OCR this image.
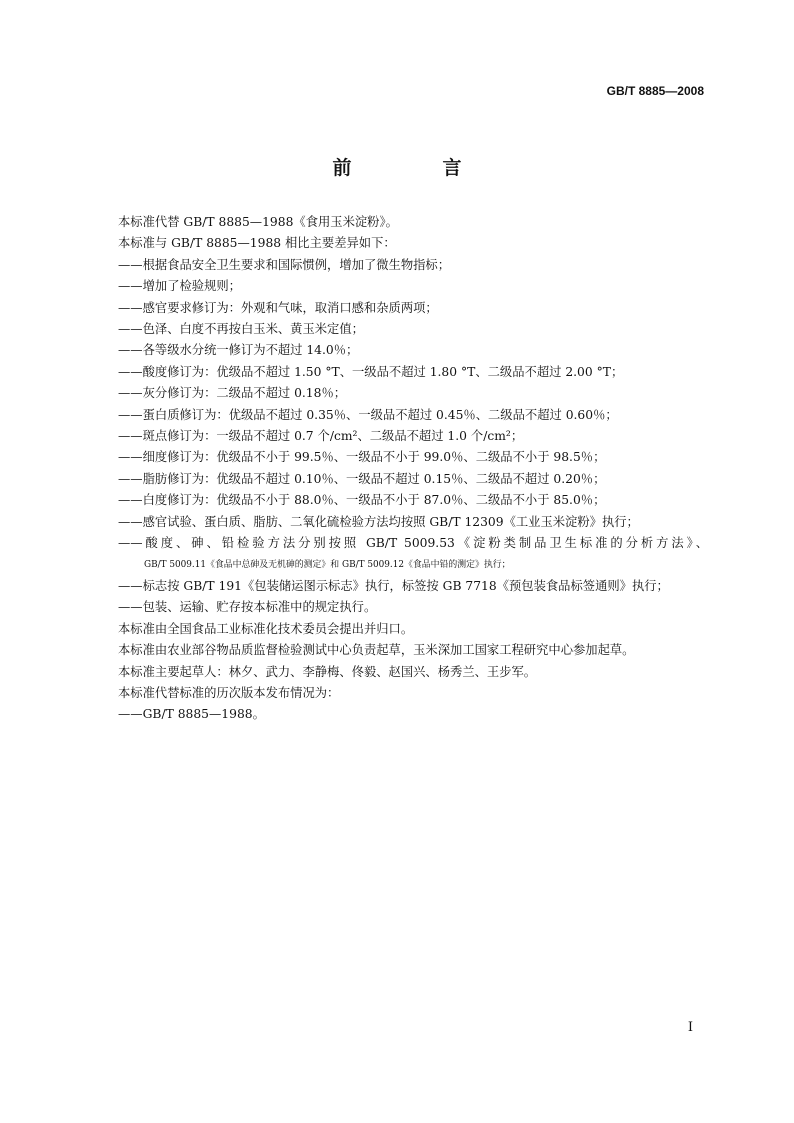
GB/T 8885—2008
前　言
本标准代替 GB/T 8885—1988《食用玉米淀粉》。
本标准与 GB/T 8885—1988 相比主要差异如下：
——根据食品安全卫生要求和国际惯例，增加了微生物指标；
——增加了检验规则；
——感官要求修订为：外观和气味，取消口感和杂质两项；
——色泽、白度不再按白玉米、黄玉米定值；
——各等级水分统一修订为不超过 14.0％；
——酸度修订为：优级品不超过 1.50 °T、一级品不超过 1.80 °T、二级品不超过 2.00 °T；
——灰分修订为：二级品不超过 0.18％；
——蛋白质修订为：优级品不超过 0.35％、一级品不超过 0.45％、二级品不超过 0.60％；
——斑点修订为：一级品不超过 0.7 个/cm²、二级品不超过 1.0 个/cm²；
——细度修订为：优级品不小于 99.5％、一级品不小于 99.0％、二级品不小于 98.5％；
——脂肪修订为：优级品不超过 0.10％、一级品不超过 0.15％、二级品不超过 0.20％；
——白度修订为：优级品不小于 88.0％、一级品不小于 87.0％、二级品不小于 85.0％；
——感官试验、蛋白质、脂肪、二氧化硫检验方法均按照 GB/T 12309《工业玉米淀粉》执行；
——酸度、砷、铅检验方法分别按照 GB/T 5009.53《淀粉类制品卫生标准的分析方法》、
GB/T 5009.11《食品中总砷及无机砷的测定》和 GB/T 5009.12《食品中铅的测定》执行；
——标志按 GB/T 191《包装储运图示标志》执行，标签按 GB 7718《预包装食品标签通则》执行；
——包装、运输、贮存按本标准中的规定执行。
本标准由全国食品工业标准化技术委员会提出并归口。
本标准由农业部谷物品质监督检验测试中心负责起草，玉米深加工国家工程研究中心参加起草。
本标准主要起草人：林夕、武力、李静梅、佟毅、赵国兴、杨秀兰、王步军。
本标准代替标准的历次版本发布情况为：
——GB/T 8885—1988。
I
